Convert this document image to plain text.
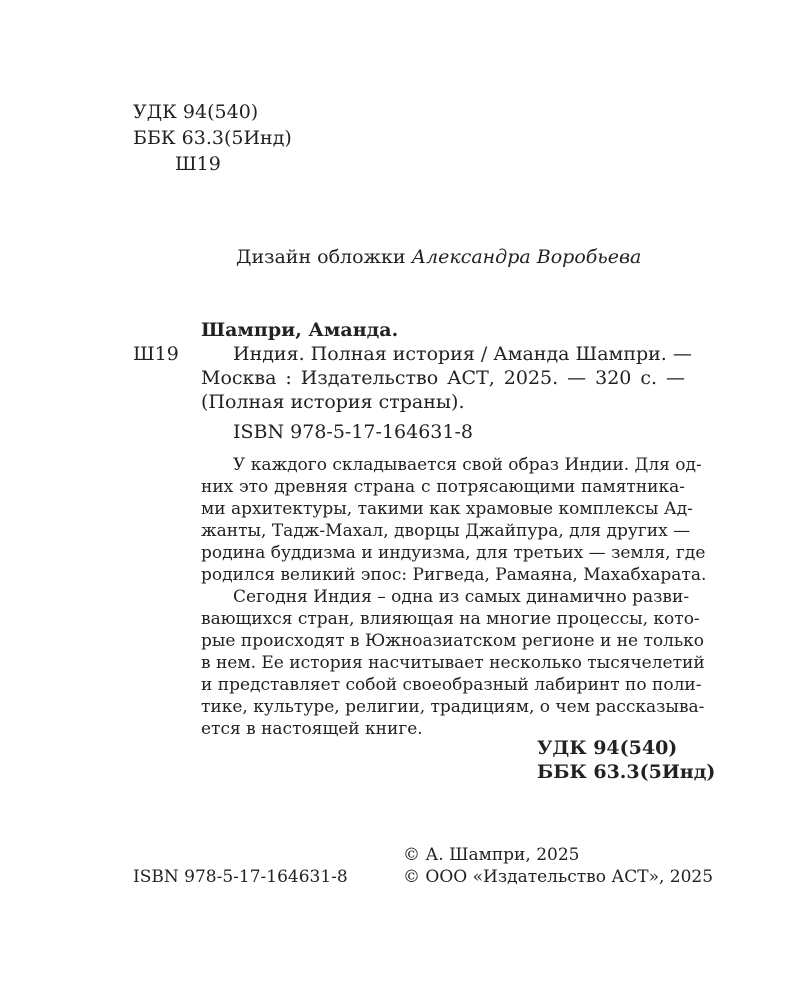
УДК 94(540)
ББК 63.3(5Инд)
Ш19
Дизайн обложки Александра Воробьева
Шампри, Аманда.
Ш19	Индия. Полная история / Аманда Шампри. —
Москва : Издательство АСТ, 2025. — 320 с. —
(Полная история страны).
ISBN 978-5-17-164631-8
У каждого складывается свой образ Индии. Для од-
них это древняя страна с потрясающими памятника-
ми архитектуры, такими как храмовые комплексы Ад-
жанты, Тадж-Махал, дворцы Джайпура, для других —
родина буддизма и индуизма, для третьих — земля, где
родился великий эпос: Ригведа, Рамаяна, Махабхарата.
Сегодня Индия – одна из самых динамично разви-
вающихся стран, влияющая на многие процессы, кото-
рые происходят в Южноазиатском регионе и не только
в нем. Ее история насчитывает несколько тысячелетий
и представляет собой своеобразный лабиринт по поли-
тике, культуре, религии, традициям, о чем рассказыва-
ется в настоящей книге.
УДК 94(540)
ББК 63.3(5Инд)
© А. Шампри, 2025
ISBN 978-5-17-164631-8	© ООО «Издательство АСТ», 2025
